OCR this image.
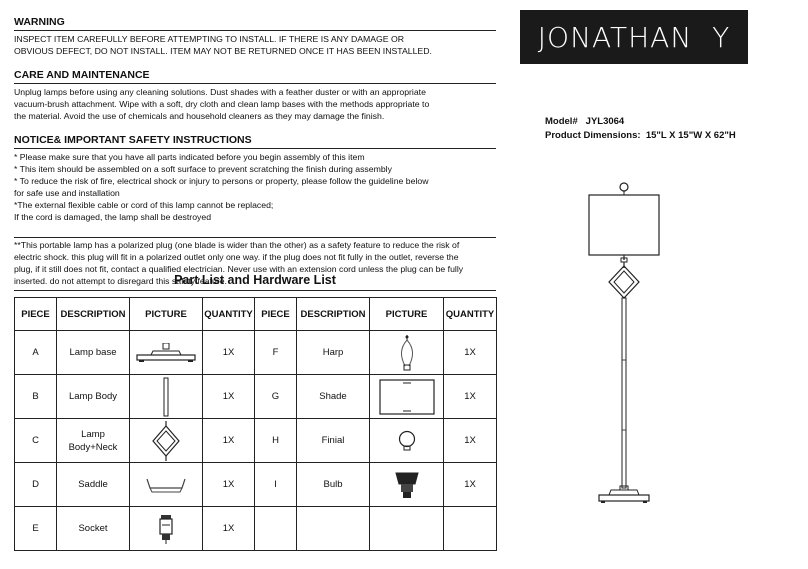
WARNING
INSPECT ITEM CAREFULLY BEFORE ATTEMPTING TO INSTALL. IF THERE IS ANY DAMAGE OR
OBVIOUS DEFECT, DO NOT INSTALL. ITEM MAY NOT BE RETURNED ONCE IT HAS BEEN INSTALLED.
CARE AND MAINTENANCE
Unplug lamps before using any cleaning solutions. Dust shades with a feather duster or with an appropriate
vacuum-brush attachment. Wipe with a soft, dry cloth and clean lamp bases with the methods appropriate to
the material. Avoid the use of chemicals and household cleaners as they may damage the finish.
NOTICE& IMPORTANT SAFETY INSTRUCTIONS
* Please make sure that you have all parts indicated before you begin assembly of this item
* This item should be assembled on a soft surface to prevent scratching the finish during assembly
* To reduce the risk of fire, electrical shock or injury to persons or property, please follow the guideline below
for safe use and installation
*The external flexible cable or cord of this lamp cannot be replaced;
If the cord is damaged, the lamp shall be destroyed
**This portable lamp has a polarized plug (one blade is wider than the other) as a safety feature to reduce the risk of
electric shock. this plug will fit in a polarized outlet only one way. if the plug does not fit fully in the outlet, reverse the
plug, if it still does not fit, contact a qualified electrician. Never use with an extension cord unless the plug can be fully
inserted. do not attempt to disregard this safety feature.
Part List and Hardware List
PIECE	DESCRIPTION	PICTURE	QUANTITY	PIECE	DESCRIPTION	PICTURE	QUANTITY
A	Lamp base		1X	F	Harp		1X
B	Lamp Body		1X	G	Shade		1X
C	Lamp Body+Neck		1X	H	Finial		1X
D	Saddle		1X	I	Bulb		1X
E	Socket		1X				
JONATHAN  Y
Model# JYL3064
Product Dimensions: 15"L X 15"W X 62"H
